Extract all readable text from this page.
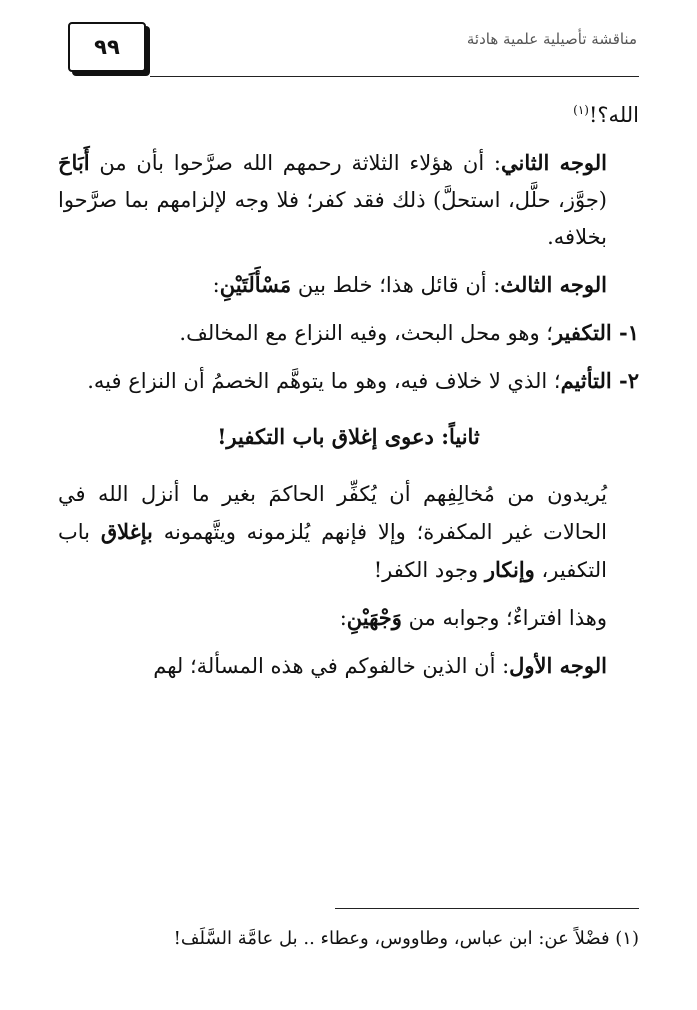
٩٩	مناقشة تأصيلية علمية هادئة

الله؟!$^{(١)}$

الوجه الثاني: أن هؤلاء الثلاثة رحمهم الله صرَّحوا بأن من أَبَاحَ (جوَّز، حلَّل، استحلَّ) ذلك فقد كفر؛ فلا وجه لإلزامهم بما صرَّحوا بخلافه.

الوجه الثالث: أن قائل هذا؛ خلط بين مَسْأَلَتَيْنِ:

١- التكفير؛ وهو محل البحث، وفيه النزاع مع المخالف.

٢- التأثيم؛ الذي لا خلاف فيه، وهو ما يتوهَّم الخصمُ أن النزاع فيه.

ثانياً: دعوى إغلاق باب التكفير!

يُريدون من مُخالِفِهم أن يُكفِّر الحاكمَ بغير ما أنزل الله في الحالات غير المكفرة؛ وإلا فإنهم يُلزمونه ويتَّهمونه بإغلاق باب التكفير، وإنكار وجود الكفر!

وهذا افتراءٌ؛ وجوابه من وَجْهَيْنِ:

الوجه الأول: أن الذين خالفوكم في هذه المسألة؛ لهم

(١) فضْلاً عن: ابن عباس، وطاووس، وعطاء .. بل عامَّة السَّلَف!
